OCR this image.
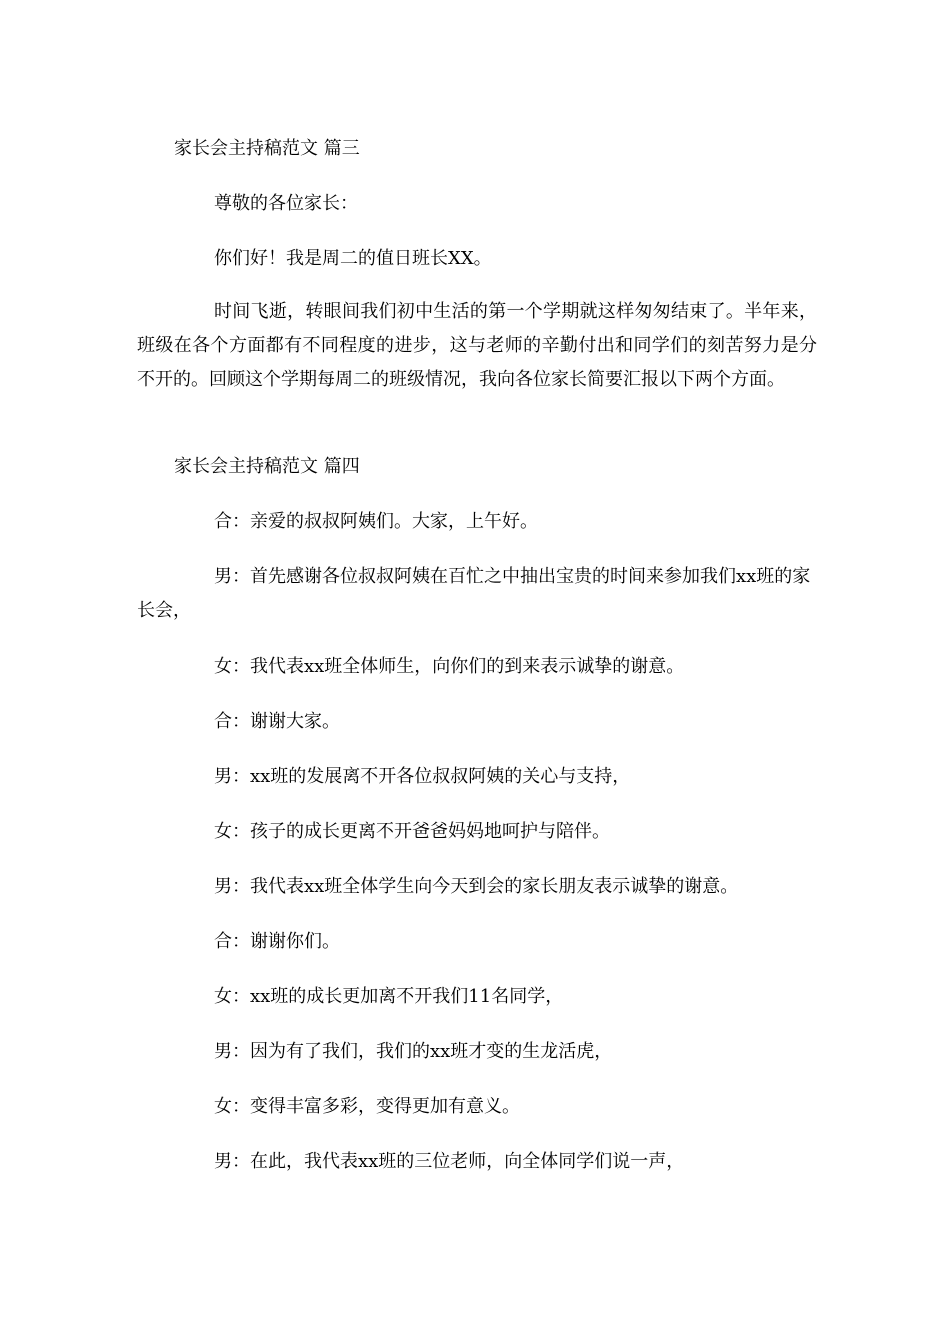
家长会主持稿范文 篇三

尊敬的各位家长：

你们好！我是周二的值日班长XX。

时间飞逝，转眼间我们初中生活的第一个学期就这样匆匆结束了。半年来，班级在各个方面都有不同程度的进步，这与老师的辛勤付出和同学们的刻苦努力是分不开的。回顾这个学期每周二的班级情况，我向各位家长简要汇报以下两个方面。

家长会主持稿范文 篇四

合：亲爱的叔叔阿姨们。大家，上午好。

男：首先感谢各位叔叔阿姨在百忙之中抽出宝贵的时间来参加我们xx班的家长会，

女：我代表xx班全体师生，向你们的到来表示诚挚的谢意。

合：谢谢大家。

男：xx班的发展离不开各位叔叔阿姨的关心与支持，

女：孩子的成长更离不开爸爸妈妈地呵护与陪伴。

男：我代表xx班全体学生向今天到会的家长朋友表示诚挚的谢意。

合：谢谢你们。

女：xx班的成长更加离不开我们11名同学，

男：因为有了我们，我们的xx班才变的生龙活虎，

女：变得丰富多彩，变得更加有意义。

男：在此，我代表xx班的三位老师，向全体同学们说一声，
